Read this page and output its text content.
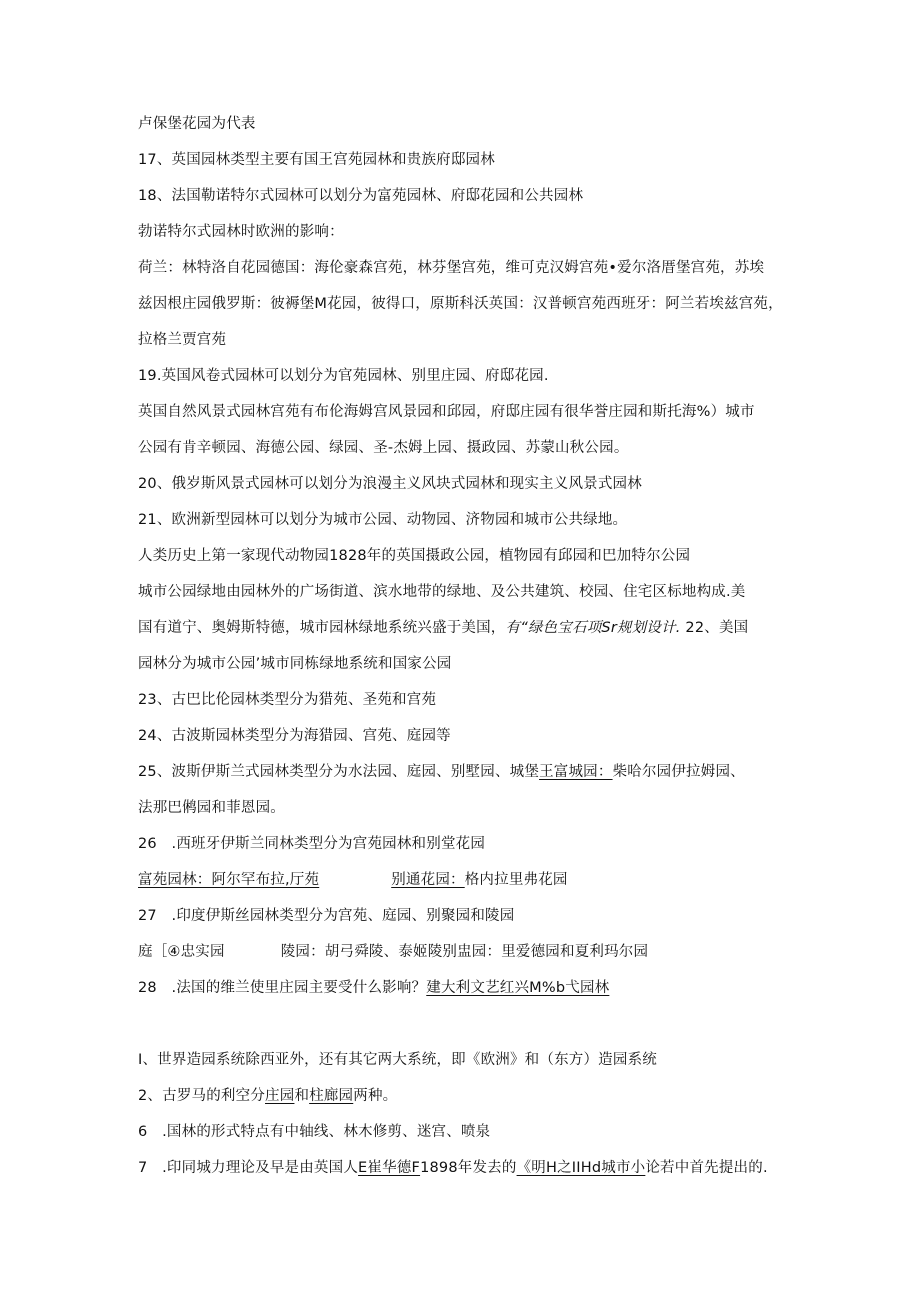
卢保堡花园为代表
17、英国园林类型主要有国王宫苑园林和贵族府邸园林
18、法国勒诺特尔式园林可以划分为富苑园林、府邸花园和公共园林
勃诺特尔式园林时欧洲的影响：
荷兰：林特洛自花园德国：海伦豪森宫苑，林芬堡宫苑，维可克汉姆宫苑•爱尔洛厝堡宫苑，苏埃
兹因根庄园俄罗斯：彼褥堡M花园，彼得口，原斯科沃英国：汉普顿宫苑西班牙：阿兰若埃兹宫苑，
拉格兰贾宫苑
19.英国风卷式园林可以划分为官苑园林、别里庄园、府邸花园.
英国自然风景式园林宫苑有布伦海姆宫风景园和邱园，府邸庄园有很华誉庄园和斯托海%）城市
公园有肯辛顿园、海德公园、绿园、圣-杰姆上园、摄政园、苏蒙山秋公园。
20、俄岁斯风景式园林可以划分为浪漫主义风块式园林和现实主义风景式园林
21、欧洲新型园林可以划分为城市公园、动物园、济物园和城市公共绿地。
人类历史上第一家现代动物园1828年的英国摄政公园，植物园有邱园和巴加特尔公园
城市公园绿地由园林外的广场街道、滨水地带的绿地、及公共建筑、校园、住宅区标地构成.美
国有道宁、奥姆斯特德，城市园林绿地系统兴盛于美国，有“绿色宝石项Sr规划设计. 22、美国
园林分为城市公园’城市同栋绿地系统和国家公园
23、古巴比伦园林类型分为猎苑、圣苑和宫苑
24、古波斯园林类型分为海猎园、宫苑、庭园等
25、波斯伊斯兰式园林类型分为水法园、庭园、别墅园、城堡王富城园：柴哈尔园伊拉姆园、
法那巴鸺园和菲恩园。
26　.西班牙伊斯兰同林类型分为宫苑园林和别堂花园
富苑园林：阿尔罕布拉,厅苑	别通花园：格内拉里弗花园
27　.印度伊斯丝园林类型分为宫苑、庭园、别聚园和陵园
庭［④忠实园	陵园：胡弓舜陵、泰姬陵别盅园：里爱德园和夏利玛尔园
28　.法国的维兰使里庄园主要受什么影响？建大利文艺红兴M%b弋园林
I、世界造园系统除西亚外，还有其它两大系统，即《欧洲》和（东方）造园系统
2、古罗马的利空分庄园和柱廊园两种。
6　.国林的形式特点有中轴线、林木修剪、迷宫、喷泉
7　.印同城力理论及早是由英国人E崔华德F1898年发去的《明H之IIHd城市小论若中首先提出的.
